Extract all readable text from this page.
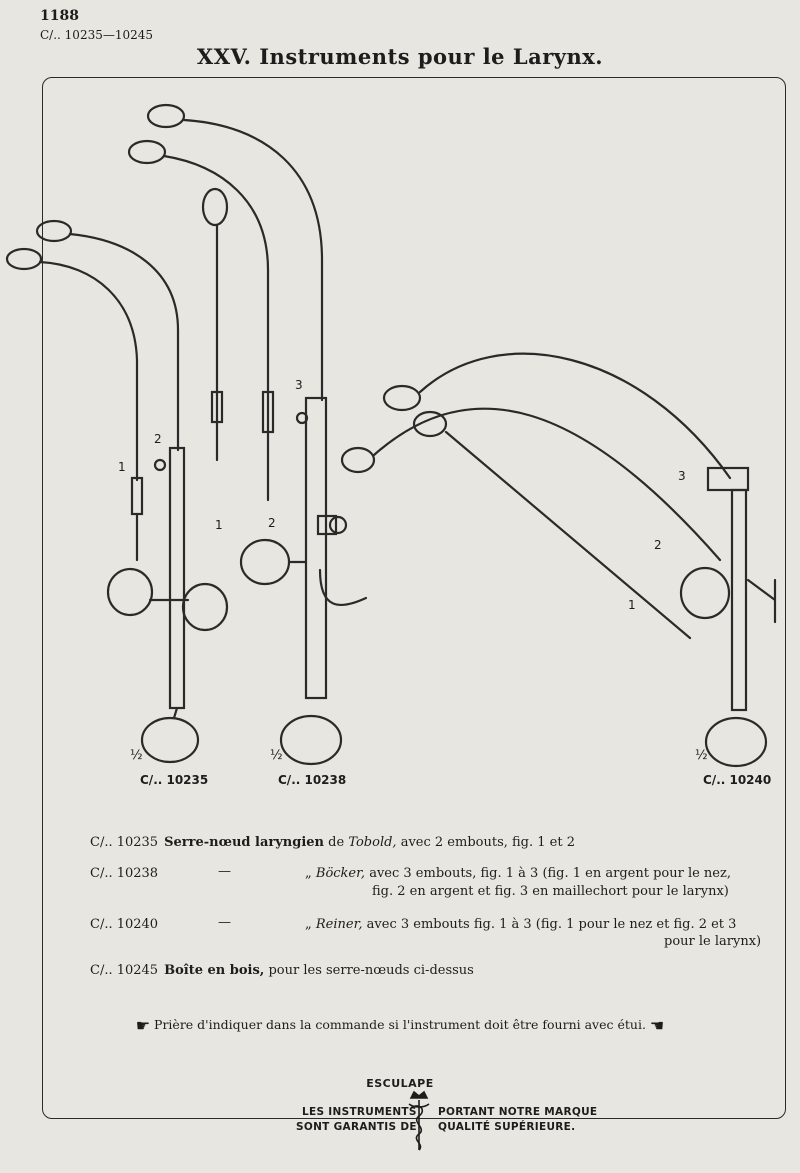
1188
C/.. 10235—10245
XXV. Instruments pour le Larynx.
1
2
1	2
3
3
2
1
½	½	½
C/.. 10235	C/.. 10238	C/.. 10240
C/.. 10235 Serre-nœud laryngien de Tobold, avec 2 embouts, fig. 1 et 2
C/.. 10238	—	„ Böcker, avec 3 embouts, fig. 1 à 3 (fig. 1 en argent pour le nez,
fig. 2 en argent et fig. 3 en maillechort pour le larynx)
C/.. 10240	—	„ Reiner, avec 3 embouts fig. 1 à 3 (fig. 1 pour le nez et fig. 2 et 3
pour le larynx)
C/.. 10245 Boîte en bois, pour les serre-nœuds ci-dessus
☛ Prière d'indiquer dans la commande si l'instrument doit être fourni avec étui. ☚
ESCULAPE
LES INSTRUMENTS
SONT GARANTIS DE
PORTANT NOTRE MARQUE
QUALITÉ SUPÉRIEURE.
